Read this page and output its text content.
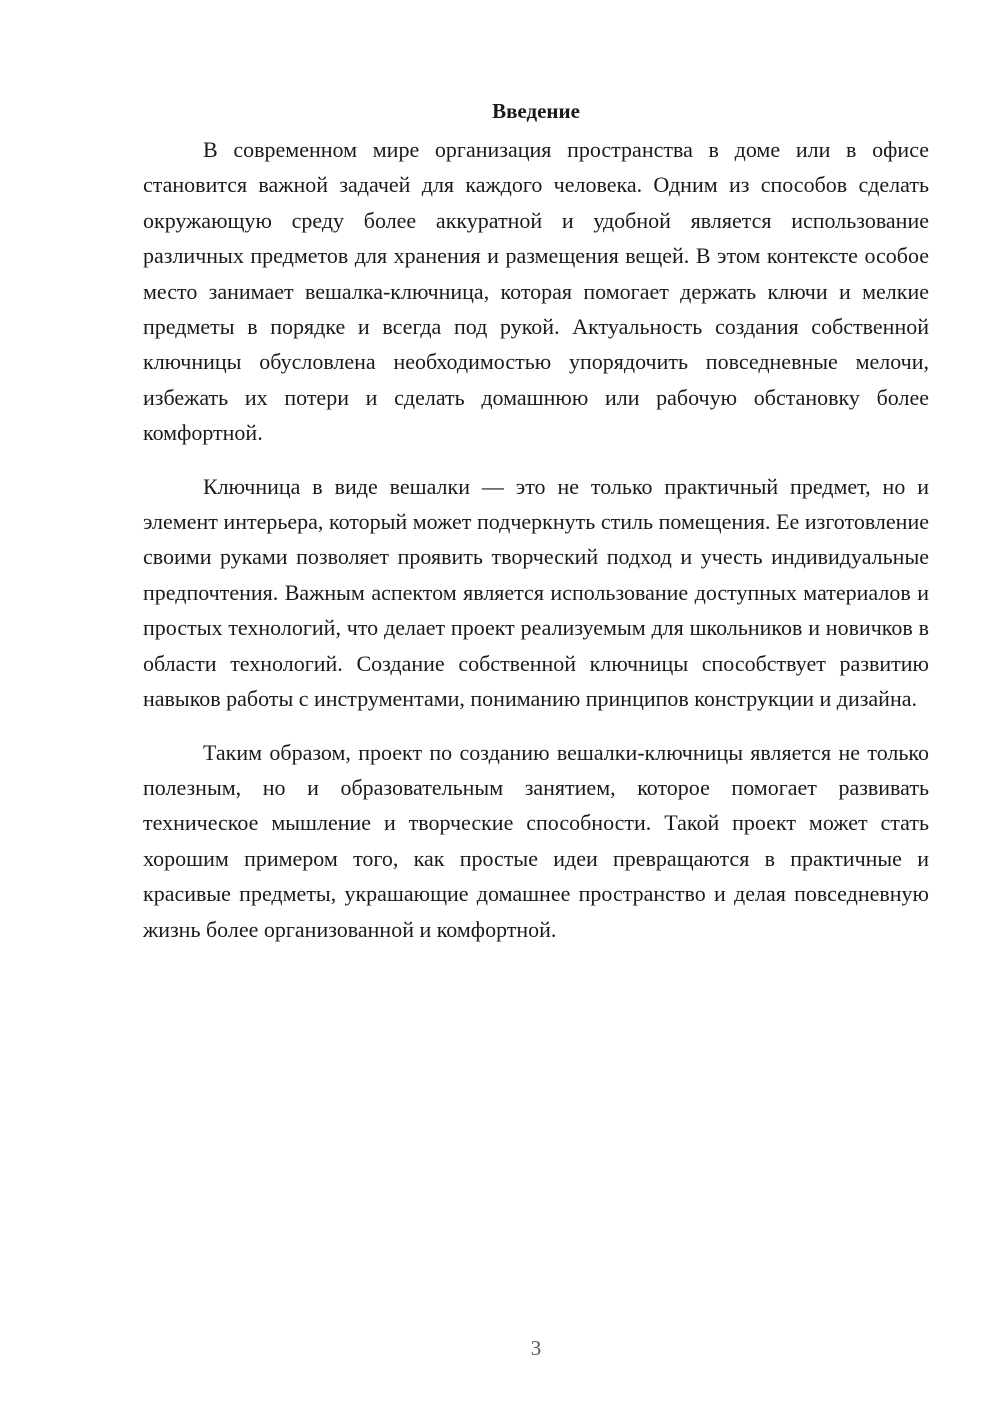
Введение

В современном мире организация пространства в доме или в офисе становится важной задачей для каждого человека. Одним из способов сделать окружающую среду более аккуратной и удобной является использование различных предметов для хранения и размещения вещей. В этом контексте особое место занимает вешалка-ключница, которая помогает держать ключи и мелкие предметы в порядке и всегда под рукой. Актуальность создания собственной ключницы обусловлена необходимостью упорядочить повседневные мелочи, избежать их потери и сделать домашнюю или рабочую обстановку более комфортной.

Ключница в виде вешалки — это не только практичный предмет, но и элемент интерьера, который может подчеркнуть стиль помещения. Ее изготовление своими руками позволяет проявить творческий подход и учесть индивидуальные предпочтения. Важным аспектом является использование доступных материалов и простых технологий, что делает проект реализуемым для школьников и новичков в области технологий. Создание собственной ключницы способствует развитию навыков работы с инструментами, пониманию принципов конструкции и дизайна.

Таким образом, проект по созданию вешалки-ключницы является не только полезным, но и образовательным занятием, которое помогает развивать техническое мышление и творческие способности. Такой проект может стать хорошим примером того, как простые идеи превращаются в практичные и красивые предметы, украшающие домашнее пространство и делая повседневную жизнь более организованной и комфортной.

3
